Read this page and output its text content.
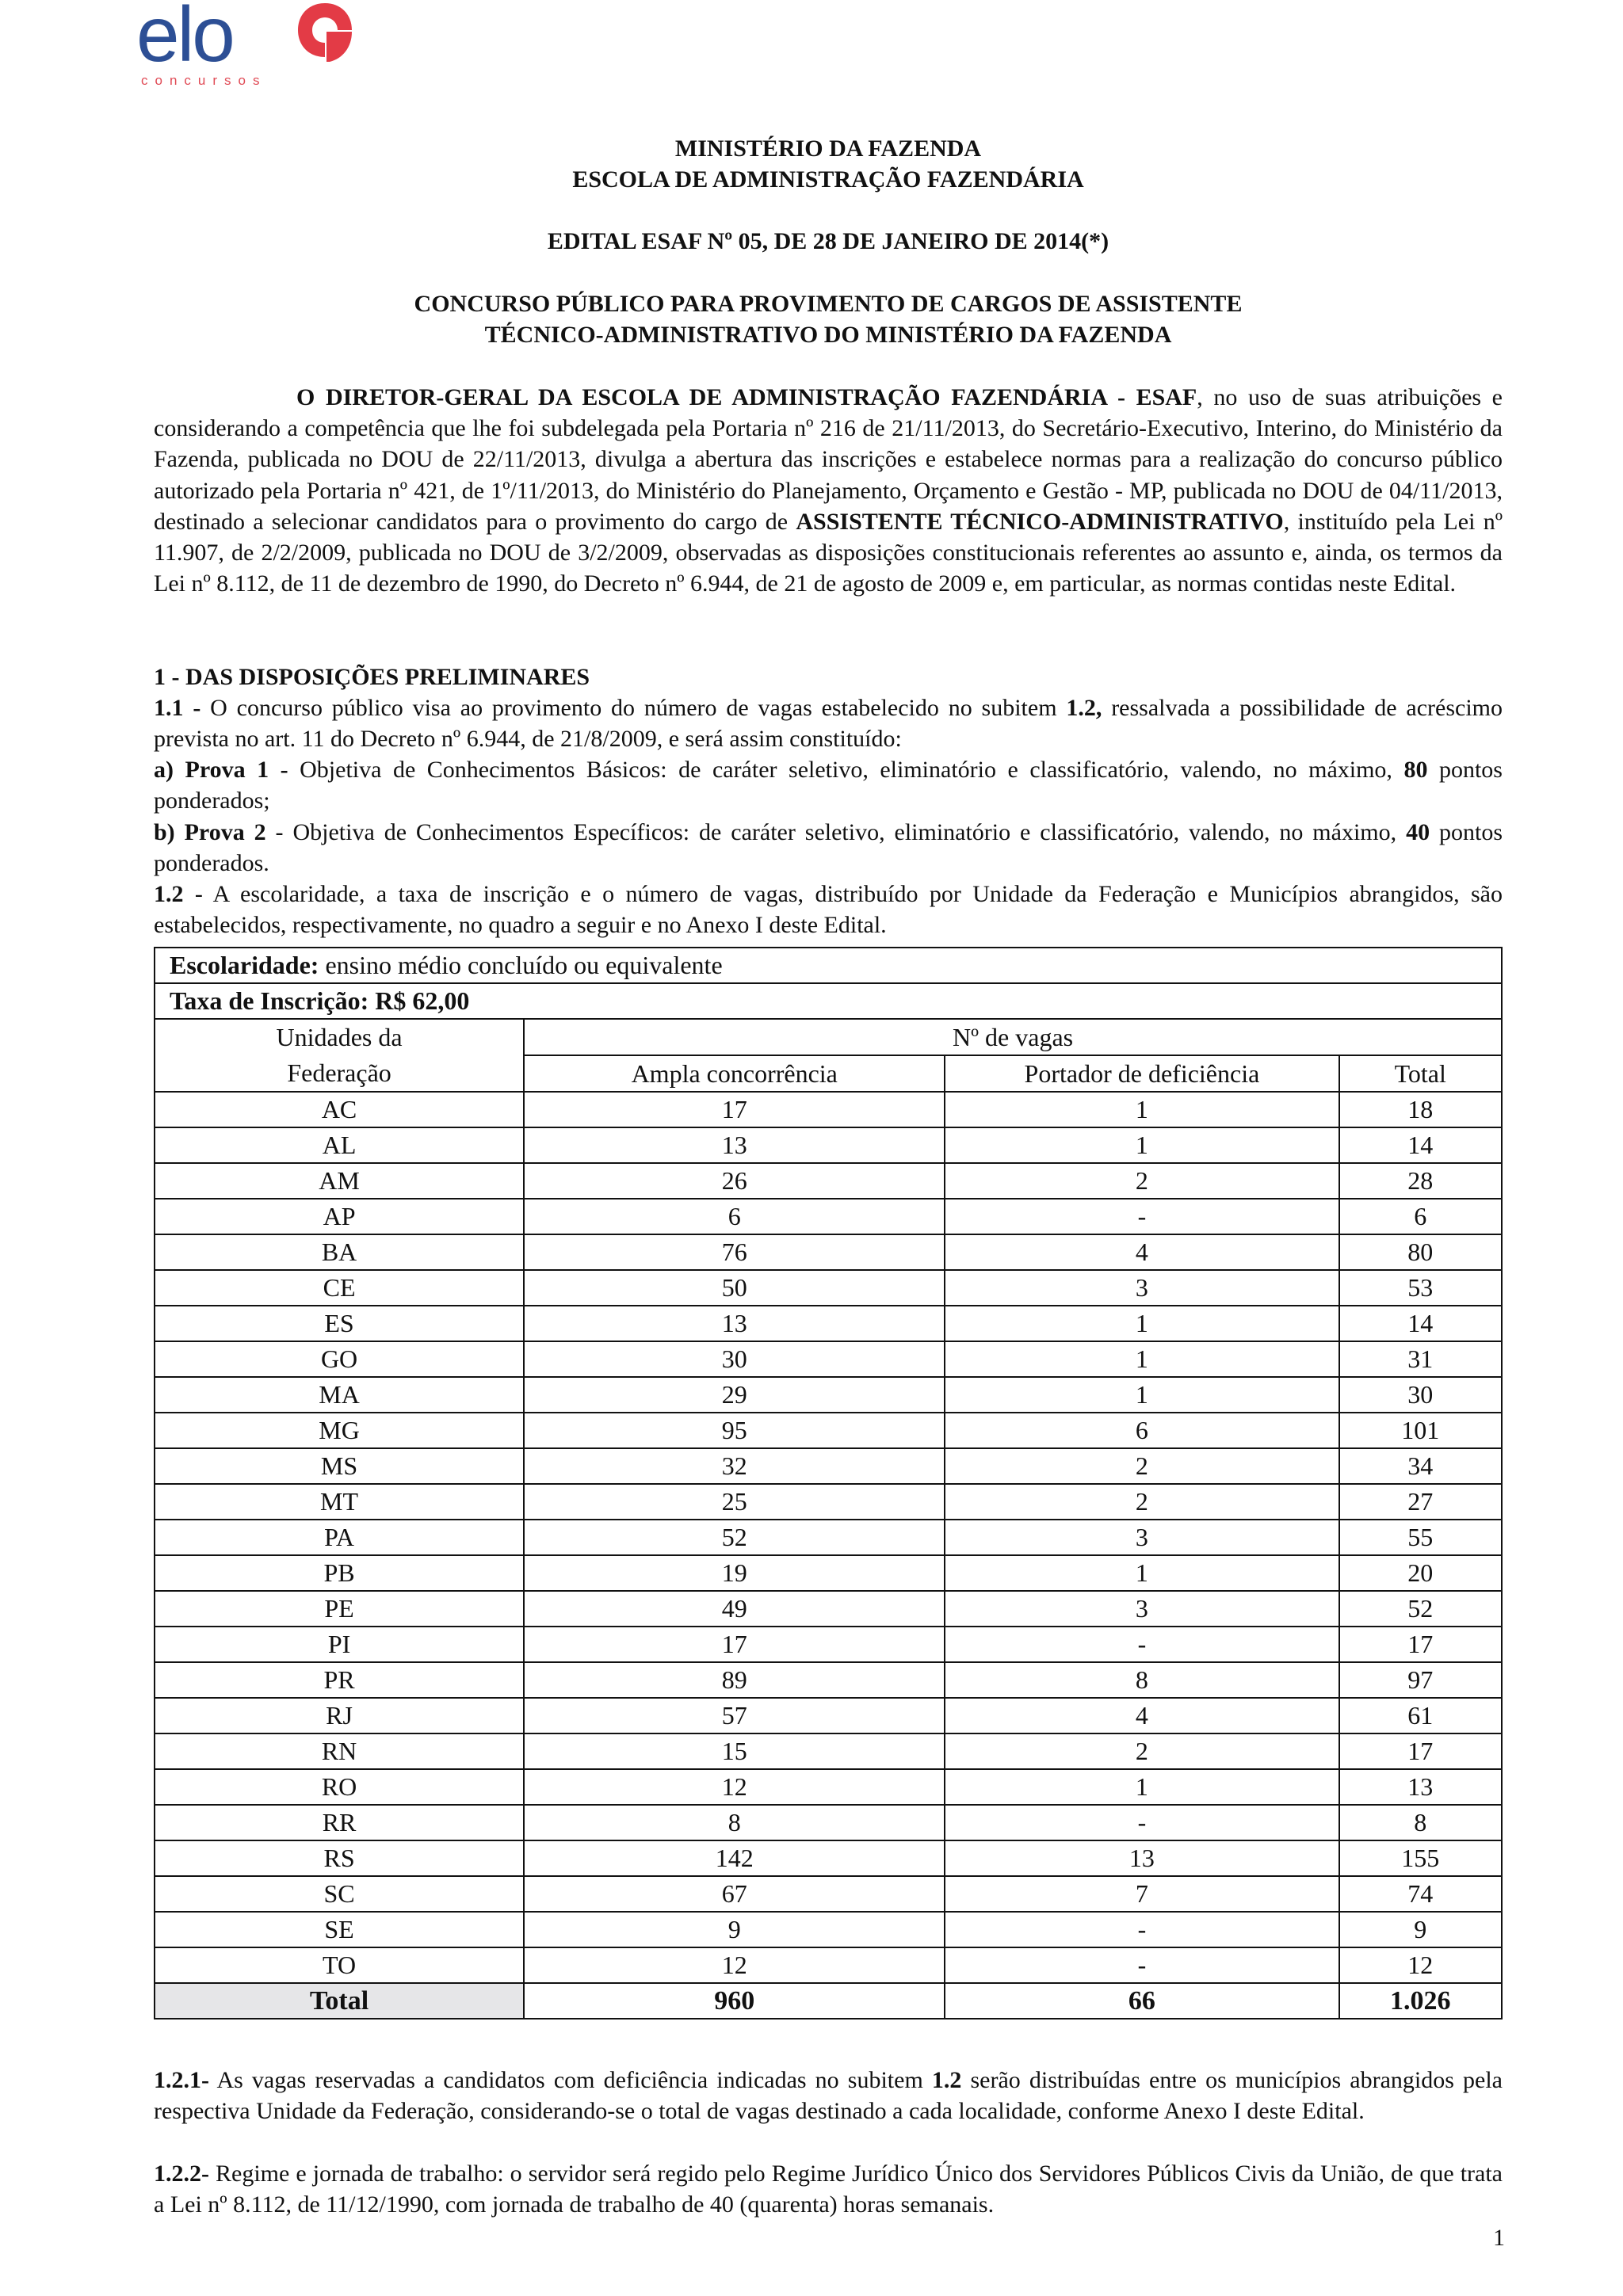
elo
concursos
MINISTÉRIO DA FAZENDA
ESCOLA DE ADMINISTRAÇÃO FAZENDÁRIA
EDITAL ESAF Nº 05, DE 28 DE JANEIRO DE 2014(*)
CONCURSO PÚBLICO PARA PROVIMENTO DE CARGOS DE ASSISTENTE
TÉCNICO-ADMINISTRATIVO DO MINISTÉRIO DA FAZENDA
O DIRETOR-GERAL DA ESCOLA DE ADMINISTRAÇÃO FAZENDÁRIA - ESAF, no uso de suas atribuições e considerando a competência que lhe foi subdelegada pela Portaria nº 216 de 21/11/2013, do Secretário-Executivo, Interino, do Ministério da Fazenda, publicada no DOU de 22/11/2013, divulga a abertura das inscrições e estabelece normas para a realização do concurso público autorizado pela Portaria nº 421, de 1º/11/2013, do Ministério do Planejamento, Orçamento e Gestão - MP, publicada no DOU de 04/11/2013, destinado a selecionar candidatos para o provimento do cargo de ASSISTENTE TÉCNICO-ADMINISTRATIVO, instituído pela Lei nº 11.907, de 2/2/2009, publicada no DOU de 3/2/2009, observadas as disposições constitucionais referentes ao assunto e, ainda, os termos da Lei nº 8.112, de 11 de dezembro de 1990, do Decreto nº 6.944, de 21 de agosto de 2009 e, em particular, as normas contidas neste Edital.
1 - DAS DISPOSIÇÕES PRELIMINARES
1.1 - O concurso público visa ao provimento do número de vagas estabelecido no subitem 1.2, ressalvada a possibilidade de acréscimo prevista no art. 11 do Decreto nº 6.944, de 21/8/2009, e será assim constituído:
a) Prova 1 - Objetiva de Conhecimentos Básicos: de caráter seletivo, eliminatório e classificatório, valendo, no máximo, 80 pontos ponderados;
b) Prova 2 - Objetiva de Conhecimentos Específicos: de caráter seletivo, eliminatório e classificatório, valendo, no máximo, 40 pontos ponderados.
1.2 - A escolaridade, a taxa de inscrição e o número de vagas, distribuído por Unidade da Federação e Municípios abrangidos, são estabelecidos, respectivamente, no quadro a seguir e no Anexo I deste Edital.
Escolaridade: ensino médio concluído ou equivalente			
Taxa de Inscrição: R$ 62,00			
Unidades da
Federação	Nº de vagas		
	Ampla concorrência	Portador de deficiência	Total
AC	17	1	18
AL	13	1	14
AM	26	2	28
AP	6	-	6
BA	76	4	80
CE	50	3	53
ES	13	1	14
GO	30	1	31
MA	29	1	30
MG	95	6	101
MS	32	2	34
MT	25	2	27
PA	52	3	55
PB	19	1	20
PE	49	3	52
PI	17	-	17
PR	89	8	97
RJ	57	4	61
RN	15	2	17
RO	12	1	13
RR	8	-	8
RS	142	13	155
SC	67	7	74
SE	9	-	9
TO	12	-	12
Total	960	66	1.026
1.2.1- As vagas reservadas a candidatos com deficiência indicadas no subitem 1.2 serão distribuídas entre os municípios abrangidos pela respectiva Unidade da Federação, considerando-se o total de vagas destinado a cada localidade, conforme Anexo I deste Edital.
1.2.2- Regime e jornada de trabalho: o servidor será regido pelo Regime Jurídico Único dos Servidores Públicos Civis da União, de que trata a Lei nº 8.112, de 11/12/1990, com jornada de trabalho de 40 (quarenta) horas semanais.
1
